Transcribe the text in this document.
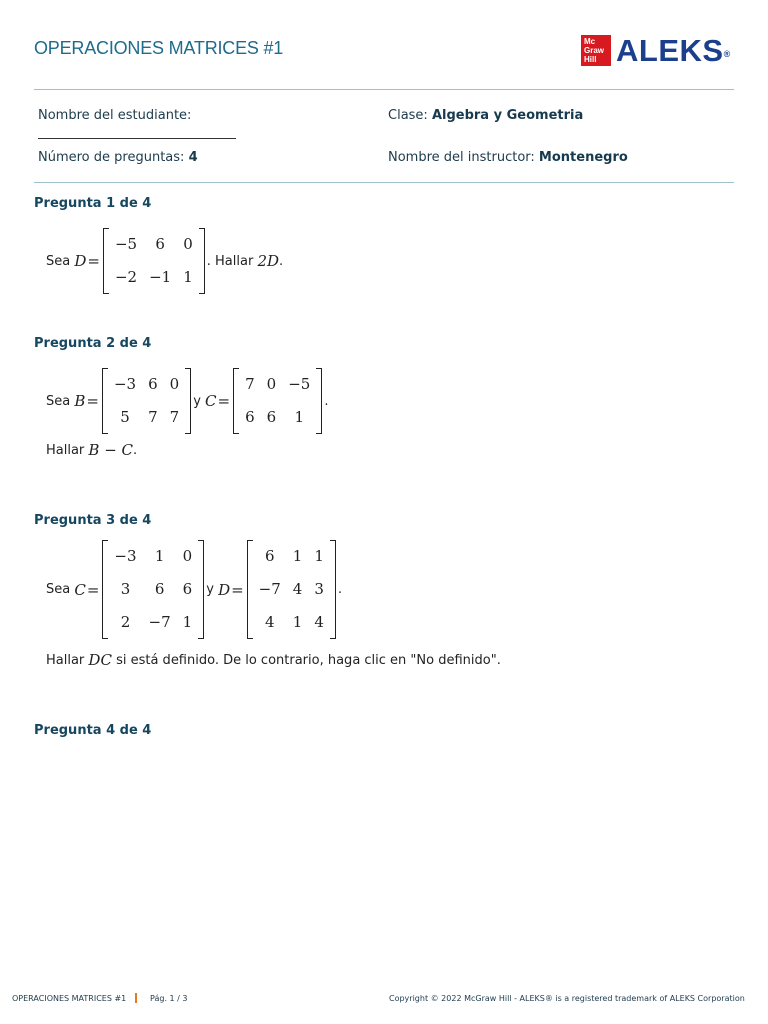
OPERACIONES MATRICES #1	Mc
Graw
Hill ALEKS ®
Nombre del estudiante:	Clase: Algebra y Geometria
Número de preguntas: 4	Nombre del instructor: Montenegro
Pregunta 1 de 4
Sea
D =
−5	6	0
−2 −1 1
. Hallar
2D .
Pregunta 2 de 4
Sea
B =
−3 6 0
5	7 7
y
C =
7 0 −5
6 6	1
.
Hallar
B − C .
Pregunta 3 de 4
Sea
C =
−3	1	0
3	6	6
2	−7 1
y
D =
6	1 1
−7 4 3
4	1 4
.
Hallar
DC
si está definido. De lo contrario, haga clic en "No definido".
Pregunta 4 de 4
OPERACIONES MATRICES #1	Pág. 1 / 3	Copyright © 2022 McGraw Hill - ALEKS® is a registered trademark of ALEKS Corporation
